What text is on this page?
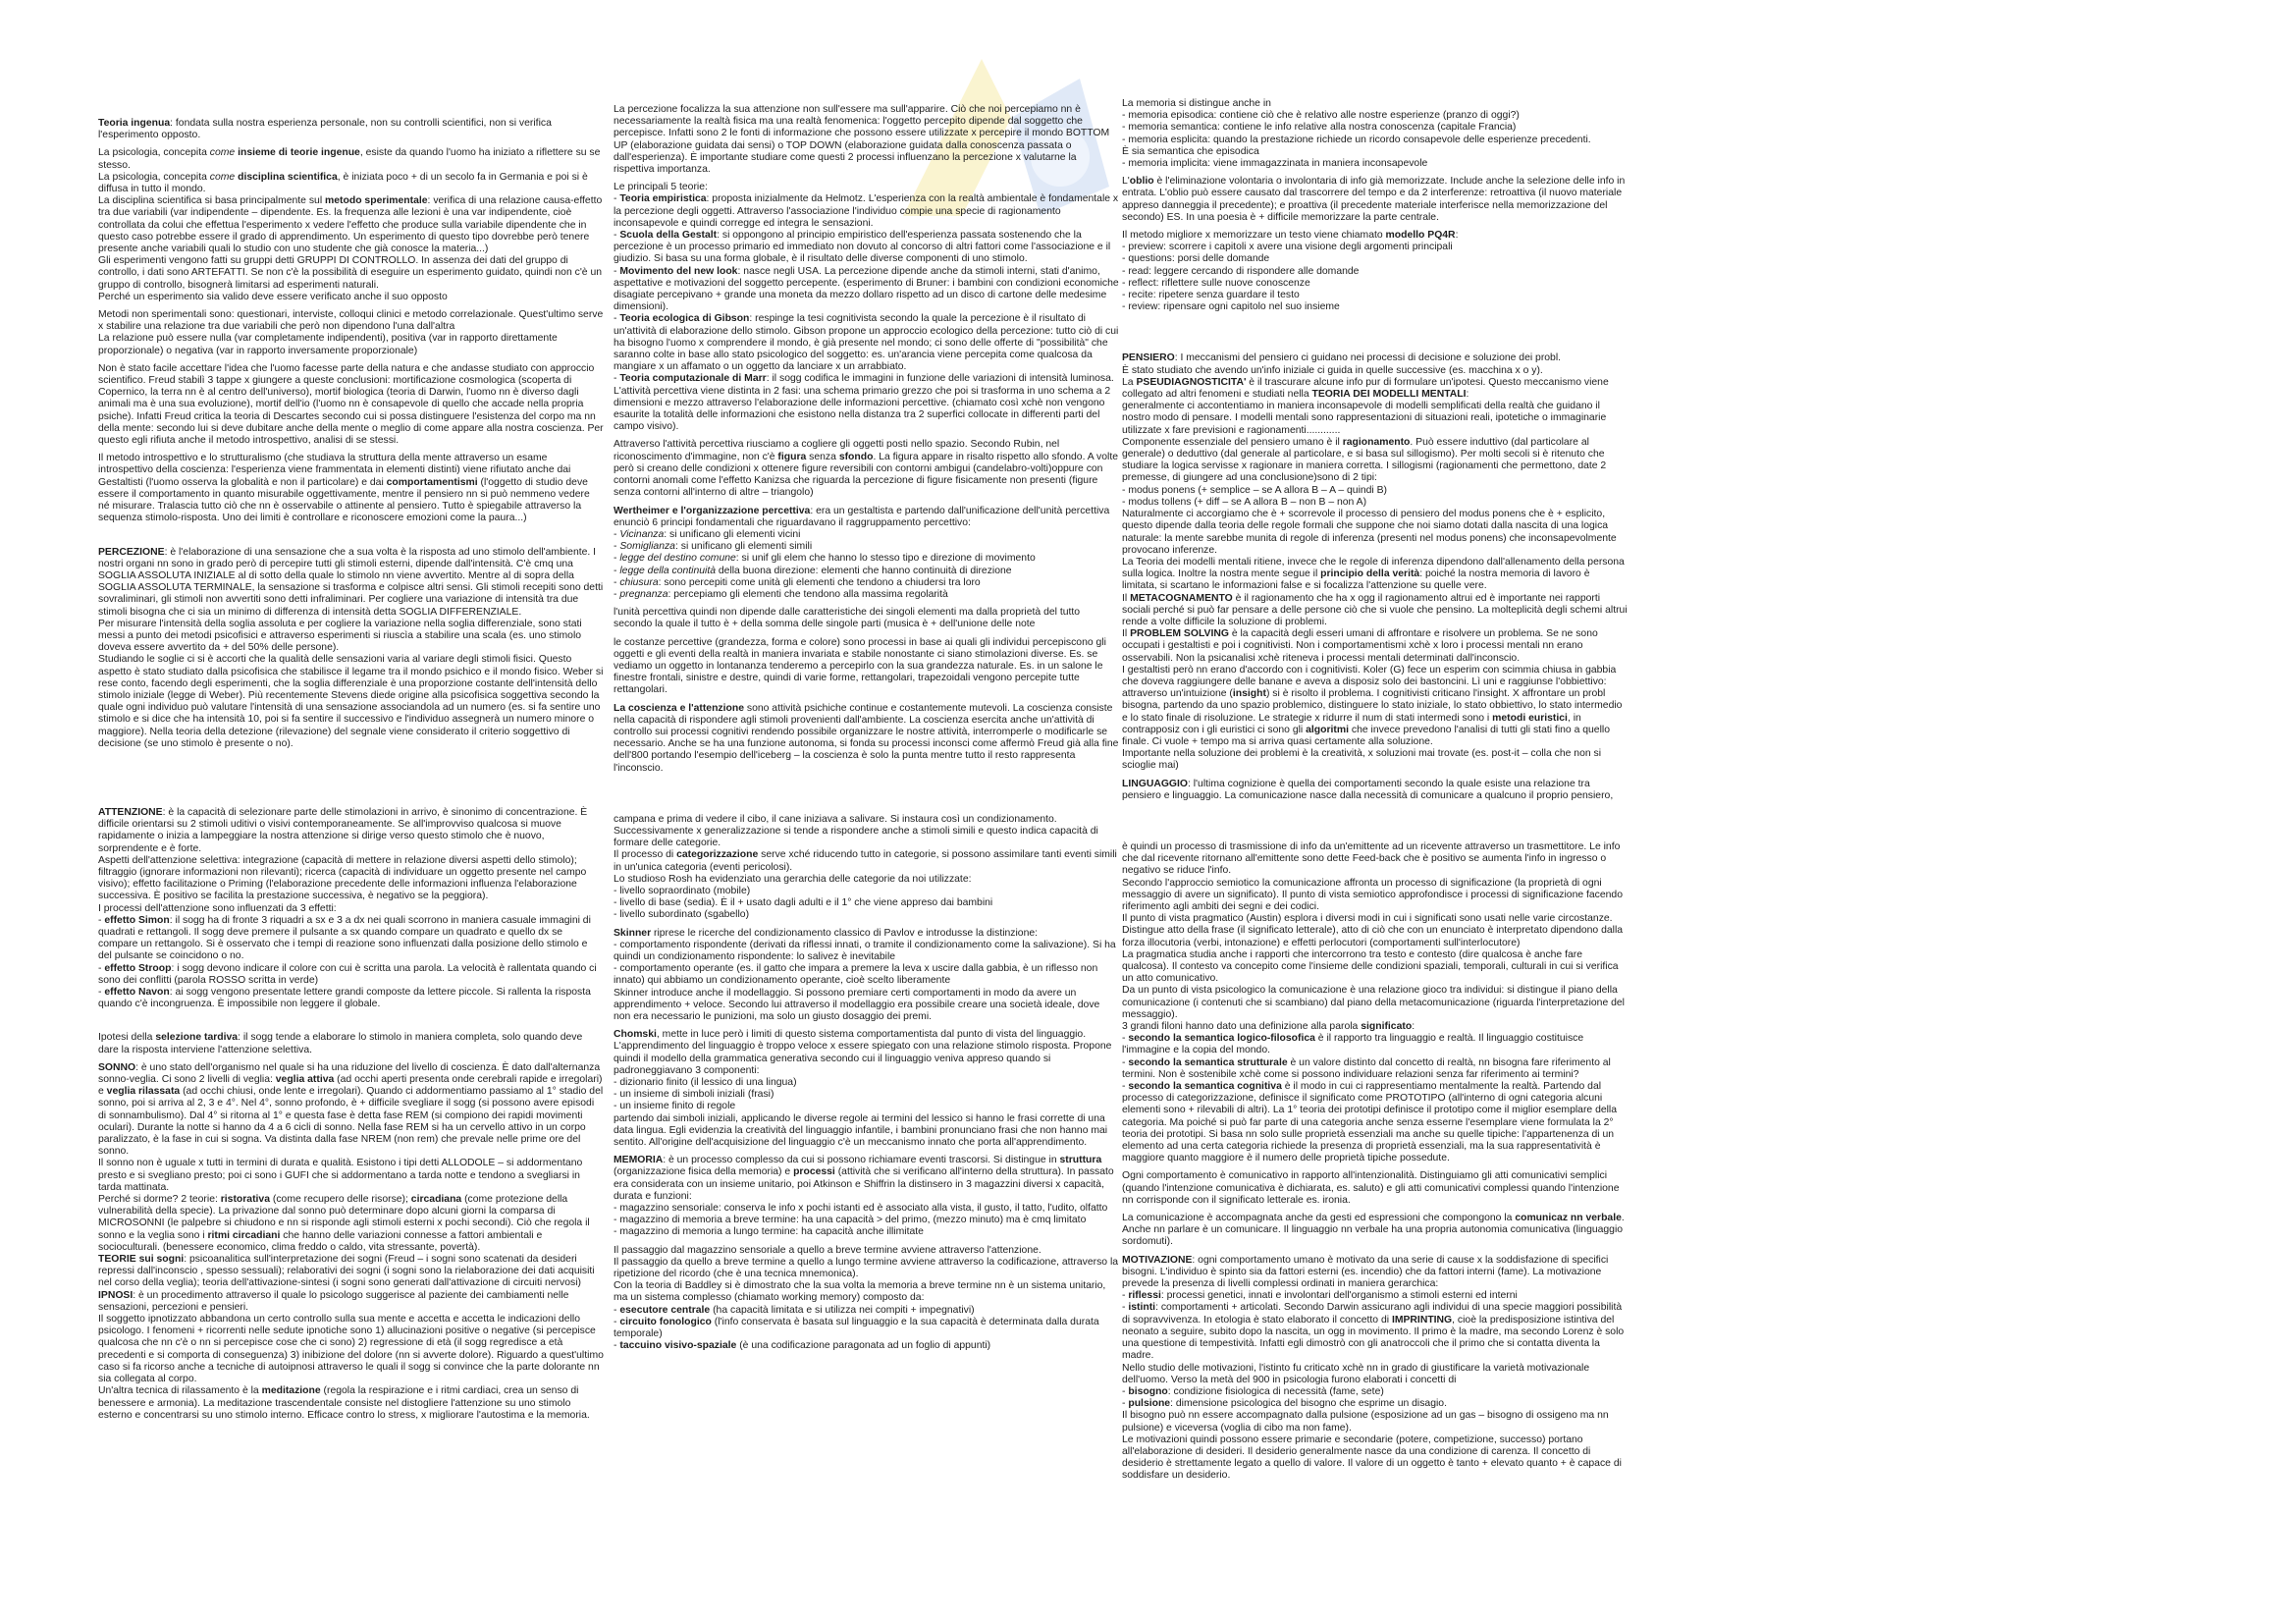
Teoria ingenua: fondata sulla nostra esperienza personale, non su controlli scientifici, non si verifica l'esperimento opposto.

La psicologia, concepita come insieme di teorie ingenue, esiste da quando l'uomo ha iniziato a riflettere su se stesso.
La psicologia, concepita come disciplina scientifica, è iniziata poco + di un secolo fa in Germania e poi si è diffusa in tutto il mondo.
La disciplina scientifica si basa principalmente sul metodo sperimentale: verifica di una relazione causa-effetto tra due variabili (var indipendente – dipendente. Es. la frequenza alle lezioni è una var indipendente, cioè controllata da colui che effettua l'esperimento x vedere l'effetto che produce sulla variabile dipendente che in questo caso potrebbe essere il grado di apprendimento. Un esperimento di questo tipo dovrebbe però tenere presente anche variabili quali lo studio con uno studente che già conosce la materia...)
Gli esperimenti vengono fatti su gruppi detti GRUPPI DI CONTROLLO. In assenza dei dati del gruppo di controllo, i dati sono ARTEFATTI. Se non c'è la possibilità di eseguire un esperimento guidato, quindi non c'è un gruppo di controllo, bisognerà limitarsi ad esperimenti naturali.
Perché un esperimento sia valido deve essere verificato anche il suo opposto

Metodi non sperimentali sono: questionari, interviste, colloqui clinici e metodo correlazionale. Quest'ultimo serve x stabilire una relazione tra due variabili che però non dipendono l'una dall'altra
La relazione può essere nulla (var completamente indipendenti), positiva (var in rapporto direttamente proporzionale) o negativa (var in rapporto inversamente proporzionale)

Non è stato facile accettare l'idea che l'uomo facesse parte della natura e che andasse studiato con approccio scientifico. Freud stabilì 3 tappe x giungere a queste conclusioni: mortificazione cosmologica (scoperta di Copernico, la terra nn è al centro dell'universo), mortif biologica (teoria di Darwin, l'uomo nn è diverso dagli animali ma è una sua evoluzione), mortif dell'io (l'uomo nn è consapevole di quello che accade nella propria psiche). Infatti Freud critica la teoria di Descartes secondo cui si possa distinguere l'esistenza del corpo ma nn della mente: secondo lui si deve dubitare anche della mente o meglio di come appare alla nostra coscienza. Per questo egli rifiuta anche il metodo introspettivo, analisi di se stessi.

Il metodo introspettivo e lo strutturalismo (che studiava la struttura della mente attraverso un esame introspettivo della coscienza: l'esperienza viene frammentata in elementi distinti) viene rifiutato anche dai Gestaltisti (l'uomo osserva la globalità e non il particolare) e dai comportamentismi (l'oggetto di studio deve essere il comportamento in quanto misurabile oggettivamente, mentre il pensiero nn si può nemmeno vedere né misurare. Tralascia tutto ciò che nn è osservabile o attinente al pensiero. Tutto è spiegabile attraverso la sequenza stimolo-risposta. Uno dei limiti è controllare e riconoscere emozioni come la paura...)

PERCEZIONE: è l'elaborazione di una sensazione che a sua volta è la risposta ad uno stimolo dell'ambiente. I nostri organi nn sono in grado però di percepire tutti gli stimoli esterni, dipende dall'intensità. C'è cmq una SOGLIA ASSOLUTA INIZIALE al di sotto della quale lo stimolo nn viene avvertito. Mentre al di sopra della SOGLIA ASSOLUTA TERMINALE, la sensazione si trasforma e colpisce altri sensi. Gli stimoli recepiti sono detti sovraliminari, gli stimoli non avvertiti sono detti infraliminari. Per cogliere una variazione di intensità tra due stimoli bisogna che ci sia un minimo di differenza di intensità detta SOGLIA DIFFERENZIALE.
Per misurare l'intensità della soglia assoluta e per cogliere la variazione nella soglia differenziale, sono stati messi a punto dei metodi psicofisici e attraverso esperimenti si riuscìa a stabilire una scala (es. uno stimolo doveva essere avvertito da + del 50% delle persone).
Studiando le soglie ci si è accorti che la qualità delle sensazioni varia al variare degli stimoli fisici. Questo aspetto è stato studiato dalla psicofisica che stabilisce il legame tra il mondo psichico e il mondo fisico. Weber si rese conto, facendo degli esperimenti, che la soglia differenziale è una proporzione costante dell'intensità dello stimolo iniziale (legge di Weber). Più recentemente Stevens diede origine alla psicofisica soggettiva secondo la quale ogni individuo può valutare l'intensità di una sensazione associandola ad un numero (es. si fa sentire uno stimolo e si dice che ha intensità 10, poi si fa sentire il successivo e l'individuo assegnerà un numero minore o maggiore). Nella teoria della detezione (rilevazione) del segnale viene considerato il criterio soggettivo di decisione (se uno stimolo è presente o no).

ATTENZIONE: è la capacità di selezionare parte delle stimolazioni in arrivo, è sinonimo di concentrazione. È difficile orientarsi su 2 stimoli uditivi o visivi contemporaneamente. Se all'improvviso qualcosa si muove rapidamente o inizia a lampeggiare la nostra attenzione si dirige verso questo stimolo che è nuovo, sorprendente e è forte.
Aspetti dell'attenzione selettiva: integrazione (capacità di mettere in relazione diversi aspetti dello stimolo); filtraggio (ignorare informazioni non rilevanti); ricerca (capacità di individuare un oggetto presente nel campo visivo); effetto facilitazione o Priming (l'elaborazione precedente delle informazioni influenza l'elaborazione successiva. È positivo se facilita la prestazione successiva, è negativo se la peggiora).
I processi dell'attenzione sono influenzati da 3 effetti:
- effetto Simon: il sogg ha di fronte 3 riquadri a sx e 3 a dx nei quali scorrono in maniera casuale immagini di quadrati e rettangoli. Il sogg deve premere il pulsante a sx quando compare un quadrato e quello dx se compare un rettangolo. Si è osservato che i tempi di reazione sono influenzati dalla posizione dello stimolo e del pulsante se coincidono o no.
- effetto Stroop: i sogg devono indicare il colore con cui è scritta una parola. La velocità è rallentata quando ci sono dei conflitti (parola ROSSO scritta in verde)
- effetto Navon: ai sogg vengono presentate lettere grandi composte da lettere piccole. Si rallenta la risposta quando c'è incongruenza. È impossibile non leggere il globale.

Ipotesi della selezione tardiva: il sogg tende a elaborare lo stimolo in maniera completa, solo quando deve dare la risposta interviene l'attenzione selettiva.

SONNO: è uno stato dell'organismo nel quale si ha una riduzione del livello di coscienza. È dato dall'alternanza sonno-veglia. Ci sono 2 livelli di veglia: veglia attiva (ad occhi aperti presenta onde cerebrali rapide e irregolari) e veglia rilassata (ad occhi chiusi, onde lente e irregolari). Quando ci addormentiamo passiamo al 1° stadio del sonno, poi si arriva al 2, 3 e 4°. Nel 4°, sonno profondo, è + difficile svegliare il sogg (si possono avere episodi di sonnambulismo). Dal 4° si ritorna al 1° e questa fase è detta fase REM (si compiono dei rapidi movimenti oculari). Durante la notte si hanno da 4 a 6 cicli di sonno. Nella fase REM si ha un cervello attivo in un corpo paralizzato, è la fase in cui si sogna. Va distinta dalla fase NREM (non rem) che prevale nelle prime ore del sonno.
Il sonno non è uguale x tutti in termini di durata e qualità. Esistono i tipi detti ALLODOLE – si addormentano presto e si svegliano presto; poi ci sono i GUFI che si addormentano a tarda notte e tendono a svegliarsi in tarda mattinata.
Perché si dorme? 2 teorie: ristorativa (come recupero delle risorse); circadiana (come protezione della vulnerabilità della specie). La privazione dal sonno può determinare dopo alcuni giorni la comparsa di MICROSONNI (le palpebre si chiudono e nn si risponde agli stimoli esterni x pochi secondi). Ciò che regola il sonno e la veglia sono i ritmi circadiani che hanno delle variazioni connesse a fattori ambientali e socioculturali. (benessere economico, clima freddo o caldo, vita stressante, povertà).
TEORIE sui sogni: psicoanalitica sull'interpretazione dei sogni (Freud – i sogni sono scatenati da desideri repressi dall'inconscio , spesso sessuali); relaborativi dei sogni (i sogni sono la rielaborazione dei dati acquisiti nel corso della veglia); teoria dell'attivazione-sintesi (i sogni sono generati dall'attivazione di circuiti nervosi)
IPNOSI: è un procedimento attraverso il quale lo psicologo suggerisce al paziente dei cambiamenti nelle sensazioni, percezioni e pensieri.
Il soggetto ipnotizzato abbandona un certo controllo sulla sua mente e accetta e accetta le indicazioni dello psicologo. I fenomeni + ricorrenti nelle sedute ipnotiche sono 1) allucinazioni positive o negative (si percepisce qualcosa che nn c'è o nn si percepisce cose che ci sono) 2) regressione di età (il sogg regredisce a età precedenti e si comporta di conseguenza) 3) inibizione del dolore (nn si avverte dolore). Riguardo a quest'ultimo caso si fa ricorso anche a tecniche di autoipnosi attraverso le quali il sogg si convince che la parte dolorante nn sia collegata al corpo.
Un'altra tecnica di rilassamento è la meditazione (regola la respirazione e i ritmi cardiaci, crea un senso di benessere e armonia). La meditazione trascendentale consiste nel distogliere l'attenzione su uno stimolo esterno e concentrarsi su uno stimolo interno. Efficace contro lo stress, x migliorare l'autostima e la memoria.

La percezione focalizza la sua attenzione non sull'essere ma sull'apparire. Ciò che noi percepiamo nn è necessariamente la realtà fisica ma una realtà fenomenica: l'oggetto percepito dipende dal soggetto che percepisce. Infatti sono 2 le fonti di informazione che possono essere utilizzate x percepire il mondo BOTTOM UP (elaborazione guidata dai sensi) o TOP DOWN (elaborazione guidata dalla conoscenza passata o dall'esperienza). È importante studiare come questi 2 processi influenzano la percezione x valutarne la rispettiva importanza.

Le principali 5 teorie:
- Teoria empiristica: proposta inizialmente da Helmotz. L'esperienza con la realtà ambientale è fondamentale x la percezione degli oggetti. Attraverso l'associazione l'individuo compie una specie di ragionamento inconsapevole e quindi corregge ed integra le sensazioni.
- Scuola della Gestalt: si oppongono al principio empiristico dell'esperienza passata sostenendo che la percezione è un processo primario ed immediato non dovuto al concorso di altri fattori come l'associazione e il giudizio. Si basa su una forma globale, è il risultato delle diverse componenti di uno stimolo.
- Movimento del new look: nasce negli USA. La percezione dipende anche da stimoli interni, stati d'animo, aspettative e motivazioni del soggetto percepente. (esperimento di Bruner: i bambini con condizioni economiche disagiate percepivano + grande una moneta da mezzo dollaro rispetto ad un disco di cartone delle medesime dimensioni).
- Teoria ecologica di Gibson: respinge la tesi cognitivista secondo la quale la percezione è il risultato di un'attività di elaborazione dello stimolo. Gibson propone un approccio ecologico della percezione: tutto ciò di cui ha bisogno l'uomo x comprendere il mondo, è già presente nel mondo; ci sono delle offerte di "possibilità" che saranno colte in base allo stato psicologico del soggetto: es. un'arancia viene percepita come qualcosa da mangiare x un affamato o un oggetto da lanciare x un arrabbiato.
- Teoria computazionale di Marr: il sogg codifica le immagini in funzione delle variazioni di intensità luminosa. L'attività percettiva viene distinta in 2 fasi: una schema primario grezzo che poi si trasforma in uno schema a 2 dimensioni e mezzo attraverso l'elaborazione delle informazioni percettive. (chiamato così xchè non vengono esaurite la totalità delle informazioni che esistono nella distanza tra 2 superfici collocate in differenti parti del campo visivo).

Attraverso l'attività percettiva riusciamo a cogliere gli oggetti posti nello spazio. Secondo Rubin, nel riconoscimento d'immagine, non c'è figura senza sfondo. La figura appare in risalto rispetto allo sfondo. A volte però si creano delle condizioni x ottenere figure reversibili con contorni ambigui (candelabro-volti)oppure con contorni anomali come l'effetto Kanizsa che riguarda la percezione di figure fisicamente non presenti (figure senza contorni all'interno di altre – triangolo)

Wertheimer e l'organizzazione percettiva: era un gestaltista e partendo dall'unificazione dell'unità percettiva enunciò 6 principi fondamentali che riguardavano il raggruppamento percettivo:
- Vicinanza: si unificano gli elementi vicini
- Somiglianza: si unificano gli elementi simili
- legge del destino comune: si unif gli elem che hanno lo stesso tipo e direzione di movimento
- legge della continuità della buona direzione: elementi che hanno continuità di direzione
- chiusura: sono percepiti come unità gli elementi che tendono a chiudersi tra loro
- pregnanza: percepiamo gli elementi che tendono alla massima regolarità

l'unità percettiva quindi non dipende dalle caratteristiche dei singoli elementi ma dalla proprietà del tutto secondo la quale il tutto è + della somma delle singole parti (musica è + dell'unione delle note

le costanze percettive (grandezza, forma e colore) sono processi in base ai quali gli individui percepiscono gli oggetti e gli eventi della realtà in maniera invariata e stabile nonostante ci siano stimolazioni diverse. Es. se vediamo un oggetto in lontananza tenderemo a percepirlo con la sua grandezza naturale. Es. in un salone le finestre frontali, sinistre e destre, quindi di varie forme, rettangolari, trapezoidali vengono percepite tutte rettangolari.

La coscienza e l'attenzione sono attività psichiche continue e costantemente mutevoli. La coscienza consiste nella capacità di rispondere agli stimoli provenienti dall'ambiente. La coscienza esercita anche un'attività di controllo sui processi cognitivi rendendo possibile organizzare le nostre attività, interromperle o modificarle se necessario. Anche se ha una funzione autonoma, si fonda su processi inconsci come affermò Freud già alla fine dell'800 portando l'esempio dell'iceberg – la coscienza è solo la punta mentre tutto il resto rappresenta l'inconscio.

campana e prima di vedere il cibo, il cane iniziava a salivare. Si instaura così un condizionamento. Successivamente x generalizzazione si tende a rispondere anche a stimoli simili e questo indica capacità di formare delle categorie.
Il processo di categorizzazione serve xché riducendo tutto in categorie, si possono assimilare tanti eventi simili in un'unica categoria (eventi pericolosi).
Lo studioso Rosh ha evidenziato una gerarchia delle categorie da noi utilizzate:
- livello sopraordinato (mobile)
- livello di base (sedia). È il + usato dagli adulti e il 1° che viene appreso dai bambini
- livello subordinato (sgabello)

Skinner riprese le ricerche del condizionamento classico di Pavlov e introdusse la distinzione:
- comportamento rispondente (derivati da riflessi innati, o tramite il condizionamento come la salivazione). Si ha quindi un condizionamento rispondente: lo salivez è inevitabile
- comportamento operante (es. il gatto che impara a premere la leva x uscire dalla gabbia, è un riflesso non innato) qui abbiamo un condizionamento operante, cioè scelto liberamente
Skinner introduce anche il modellaggio. Si possono premiare certi comportamenti in modo da avere un apprendimento + veloce. Secondo lui attraverso il modellaggio era possibile creare una società ideale, dove non era necessario le punizioni, ma solo un giusto dosaggio dei premi.

Chomski, mette in luce però i limiti di questo sistema comportamentista dal punto di vista del linguaggio. L'apprendimento del linguaggio è troppo veloce x essere spiegato con una relazione stimolo risposta. Propone quindi il modello della grammatica generativa secondo cui il linguaggio veniva appreso quando si padroneggiavano 3 componenti:
- dizionario finito (il lessico di una lingua)
- un insieme di simboli iniziali (frasi)
- un insieme finito di regole
partendo dai simboli iniziali, applicando le diverse regole ai termini del lessico si hanno le frasi corrette di una data lingua. Egli evidenzia la creatività del linguaggio infantile, i bambini pronunciano frasi che non hanno mai sentito. All'origine dell'acquisizione del linguaggio c'è un meccanismo innato che porta all'apprendimento.

MEMORIA: è un processo complesso da cui si possono richiamare eventi trascorsi. Si distingue in struttura (organizzazione fisica della memoria) e processi (attività che si verificano all'interno della struttura). In passato era considerata con un insieme unitario, poi Atkinson e Shiffrin la distinsero in 3 magazzini diversi x capacità, durata e funzioni:
- magazzino sensoriale: conserva le info x pochi istanti ed è associato alla vista, il gusto, il tatto, l'udito, olfatto
- magazzino di memoria a breve termine: ha una capacità > del primo, (mezzo minuto) ma è cmq limitato
- magazzino di memoria a lungo termine: ha capacità anche illimitate

Il passaggio dal magazzino sensoriale a quello a breve termine avviene attraverso l'attenzione.
Il passaggio da quello a breve termine a quello a lungo termine avviene attraverso la codificazione, attraverso la ripetizione del ricordo (che è una tecnica mnemonica).
Con la teoria di Baddley si è dimostrato che la sua volta la memoria a breve termine nn è un sistema unitario, ma un sistema complesso (chiamato working memory) composto da:
- esecutore centrale (ha capacità limitata e si utilizza nei compiti + impegnativi)
- circuito fonologico (l'info conservata è basata sul linguaggio e la sua capacità è determinata dalla durata temporale)
- taccuino visivo-spaziale (è una codificazione paragonata ad un foglio di appunti)

La memoria si distingue anche in
- memoria episodica: contiene ciò che è relativo alle nostre esperienze (pranzo di oggi?)
- memoria semantica: contiene le info relative alla nostra conoscenza (capitale Francia)
- memoria esplicita: quando la prestazione richiede un ricordo consapevole delle esperienze precedenti.
È sia semantica che episodica
- memoria implicita: viene immagazzinata in maniera inconsapevole

L'oblio è l'eliminazione volontaria o involontaria di info già memorizzate. Include anche la selezione delle info in entrata. L'oblio può essere causato dal trascorrere del tempo e da 2 interferenze: retroattiva (il nuovo materiale appreso danneggia il precedente); e proattiva (il precedente materiale interferisce nella memorizzazione del secondo) ES. In una poesia è + difficile memorizzare la parte centrale.

Il metodo migliore x memorizzare un testo viene chiamato modello PQ4R:
- preview: scorrere i capitoli x avere una visione degli argomenti principali
- questions: porsi delle domande
- read: leggere cercando di rispondere alle domande
- reflect: riflettere sulle nuove conoscenze
- recite: ripetere senza guardare il testo
- review: ripensare ogni capitolo nel suo insieme

PENSIERO: I meccanismi del pensiero ci guidano nei processi di decisione e soluzione dei probl.
È stato studiato che avendo un'info iniziale ci guida in quelle successive (es. macchina x o y).
La PSEUDIAGNOSTICITA' è il trascurare alcune info pur di formulare un'ipotesi. Questo meccanismo viene collegato ad altri fenomeni e studiati nella TEORIA DEI MODELLI MENTALI:
generalmente ci accontentiamo in maniera inconsapevole di modelli semplificati della realtà che guidano il nostro modo di pensare. I modelli mentali sono rappresentazioni di situazioni reali, ipotetiche o immaginarie utilizzate x fare previsioni e ragionamenti............
Componente essenziale del pensiero umano è il ragionamento. Può essere induttivo (dal particolare al generale) o deduttivo (dal generale al particolare, e si basa sul sillogismo). Per molti secoli si è ritenuto che studiare la logica servisse x ragionare in maniera corretta. I sillogismi (ragionamenti che permettono, date 2 premesse, di giungere ad una conclusione)sono di 2 tipi:
- modus ponens (+ semplice – se A allora B – A – quindi B)
- modus tollens (+ diff – se A allora B – non B – non A)
Naturalmente ci accorgiamo che è + scorrevole il processo di pensiero del modus ponens che è + esplicito, questo dipende dalla teoria delle regole formali che suppone che noi siamo dotati dalla nascita di una logica naturale: la mente sarebbe munita di regole di inferenza (presenti nel modus ponens) che inconsapevolmente provocano inferenze.
La Teoria dei modelli mentali ritiene, invece che le regole di inferenza dipendono dall'allenamento della persona sulla logica. Inoltre la nostra mente segue il principio della verità: poiché la nostra memoria di lavoro è limitata, si scartano le informazioni false e si focalizza l'attenzione su quelle vere.
Il METACOGNAMENTO è il ragionamento che ha x ogg il ragionamento altrui ed è importante nei rapporti sociali perché si può far pensare a delle persone ciò che si vuole che pensino. La molteplicità degli schemi altrui rende a volte difficile la soluzione di problemi.
Il PROBLEM SOLVING è la capacità degli esseri umani di affrontare e risolvere un problema. Se ne sono occupati i gestaltisti e poi i cognitivisti. Non i comportamentismi xchè x loro i processi mentali nn erano osservabili. Non la psicanalisi xchè riteneva i processi mentali determinati dall'inconscio.
I gestaltisti però nn erano d'accordo con i cognitivisti. Koler (G) fece un esperim con scimmia chiusa in gabbia che doveva raggiungere delle banane e aveva a disposiz solo dei bastoncini. Lì uni e raggiunse l'obbiettivo: attraverso un'intuizione (insight) si è risolto il problema. I cognitivisti criticano l'insight. X affrontare un probl bisogna, partendo da uno spazio problemico, distinguere lo stato iniziale, lo stato obbiettivo, lo stato intermedio e lo stato finale di risoluzione. Le strategie x ridurre il num di stati intermedi sono i metodi euristici, in contrapposiz con i gli euristici ci sono gli algoritmi che invece prevedono l'analisi di tutti gli stati fino a quello finale. Ci vuole + tempo ma si arriva quasi certamente alla soluzione.
Importante nella soluzione dei problemi è la creatività, x soluzioni mai trovate (es. post-it – colla che non si scioglie mai)

LINGUAGGIO: l'ultima cognizione è quella dei comportamenti secondo la quale esiste una relazione tra pensiero e linguaggio. La comunicazione nasce dalla necessità di comunicare a qualcuno il proprio pensiero,

è quindi un processo di trasmissione di info da un'emittente ad un ricevente attraverso un trasmettitore. Le info che dal ricevente ritornano all'emittente sono dette Feed-back che è positivo se aumenta l'info in ingresso o negativo se riduce l'info.
Secondo l'approccio semiotico la comunicazione affronta un processo di significazione (la proprietà di ogni messaggio di avere un significato). Il punto di vista semiotico approfondisce i processi di significazione facendo riferimento agli ambiti dei segni e dei codici.
Il punto di vista pragmatico (Austin) esplora i diversi modi in cui i significati sono usati nelle varie circostanze. Distingue atto della frase (il significato letterale), atto di ciò che con un enunciato è interpretato dipendono dalla forza illocutoria (verbi, intonazione) e effetti perlocutori (comportamenti sull'interlocutore)
La pragmatica studia anche i rapporti che intercorrono tra testo e contesto (dire qualcosa è anche fare qualcosa). Il contesto va concepito come l'insieme delle condizioni spaziali, temporali, culturali in cui si verifica un atto comunicativo.
Da un punto di vista psicologico la comunicazione è una relazione gioco tra individui: si distingue il piano della comunicazione (i contenuti che si scambiano) dal piano della metacomunicazione (riguarda l'interpretazione del messaggio).
3 grandi filoni hanno dato una definizione alla parola significato:
- secondo la semantica logico-filosofica è il rapporto tra linguaggio e realtà. Il linguaggio costituisce l'immagine e la copia del mondo.
- secondo la semantica strutturale è un valore distinto dal concetto di realtà, nn bisogna fare riferimento al termini. Non è sostenibile xchè come si possono individuare relazioni senza far riferimento ai termini?
- secondo la semantica cognitiva è il modo in cui ci rappresentiamo mentalmente la realtà. Partendo dal processo di categorizzazione, definisce il significato come PROTOTIPO (all'interno di ogni categoria alcuni elementi sono + rilevabili di altri). La 1° teoria dei prototipi definisce il prototipo come il miglior esemplare della categoria. Ma poiché si può far parte di una categoria anche senza esserne l'esemplare viene formulata la 2° teoria dei prototipi. Si basa nn solo sulle proprietà essenziali ma anche su quelle tipiche: l'appartenenza di un elemento ad una certa categoria richiede la presenza di proprietà essenziali, ma la sua rappresentatività è maggiore quanto maggiore è il numero delle proprietà tipiche possedute.

Ogni comportamento è comunicativo in rapporto all'intenzionalità. Distinguiamo gli atti comunicativi semplici (quando l'intenzione comunicativa è dichiarata, es. saluto) e gli atti comunicativi complessi quando l'intenzione nn corrisponde con il significato letterale es. ironia.

La comunicazione è accompagnata anche da gesti ed espressioni che compongono la comunicaz nn verbale. Anche nn parlare è un comunicare. Il linguaggio nn verbale ha una propria autonomia comunicativa (linguaggio sordomuti).

MOTIVAZIONE: ogni comportamento umano è motivato da una serie di cause x la soddisfazione di specifici bisogni. L'individuo è spinto sia da fattori esterni (es. incendio) che da fattori interni (fame). La motivazione prevede la presenza di livelli complessi ordinati in maniera gerarchica:
- riflessi: processi genetici, innati e involontari dell'organismo a stimoli esterni ed interni
- istinti: comportamenti + articolati. Secondo Darwin assicurano agli individui di una specie maggiori possibilità di sopravvivenza. In etologia è stato elaborato il concetto di IMPRINTING, cioè la predisposizione istintiva del neonato a seguire, subito dopo la nascita, un ogg in movimento. Il primo è la madre, ma secondo Lorenz è solo una questione di tempestività. Infatti egli dimostrò con gli anatroccoli che il primo che si contatta diventa la madre.
Nello studio delle motivazioni, l'istinto fu criticato xchè nn in grado di giustificare la varietà motivazionale dell'uomo. Verso la metà del 900 in psicologia furono elaborati i concetti di
- bisogno: condizione fisiologica di necessità (fame, sete)
- pulsione: dimensione psicologica del bisogno che esprime un disagio.
Il bisogno può nn essere accompagnato dalla pulsione (esposizione ad un gas – bisogno di ossigeno ma nn pulsione) e viceversa (voglia di cibo ma non fame).
Le motivazioni quindi possono essere primarie e secondarie (potere, competizione, successo) portano all'elaborazione di desideri. Il desiderio generalmente nasce da una condizione di carenza. Il concetto di desiderio è strettamente legato a quello di valore. Il valore di un oggetto è tanto + elevato quanto + è capace di soddisfare un desiderio.
